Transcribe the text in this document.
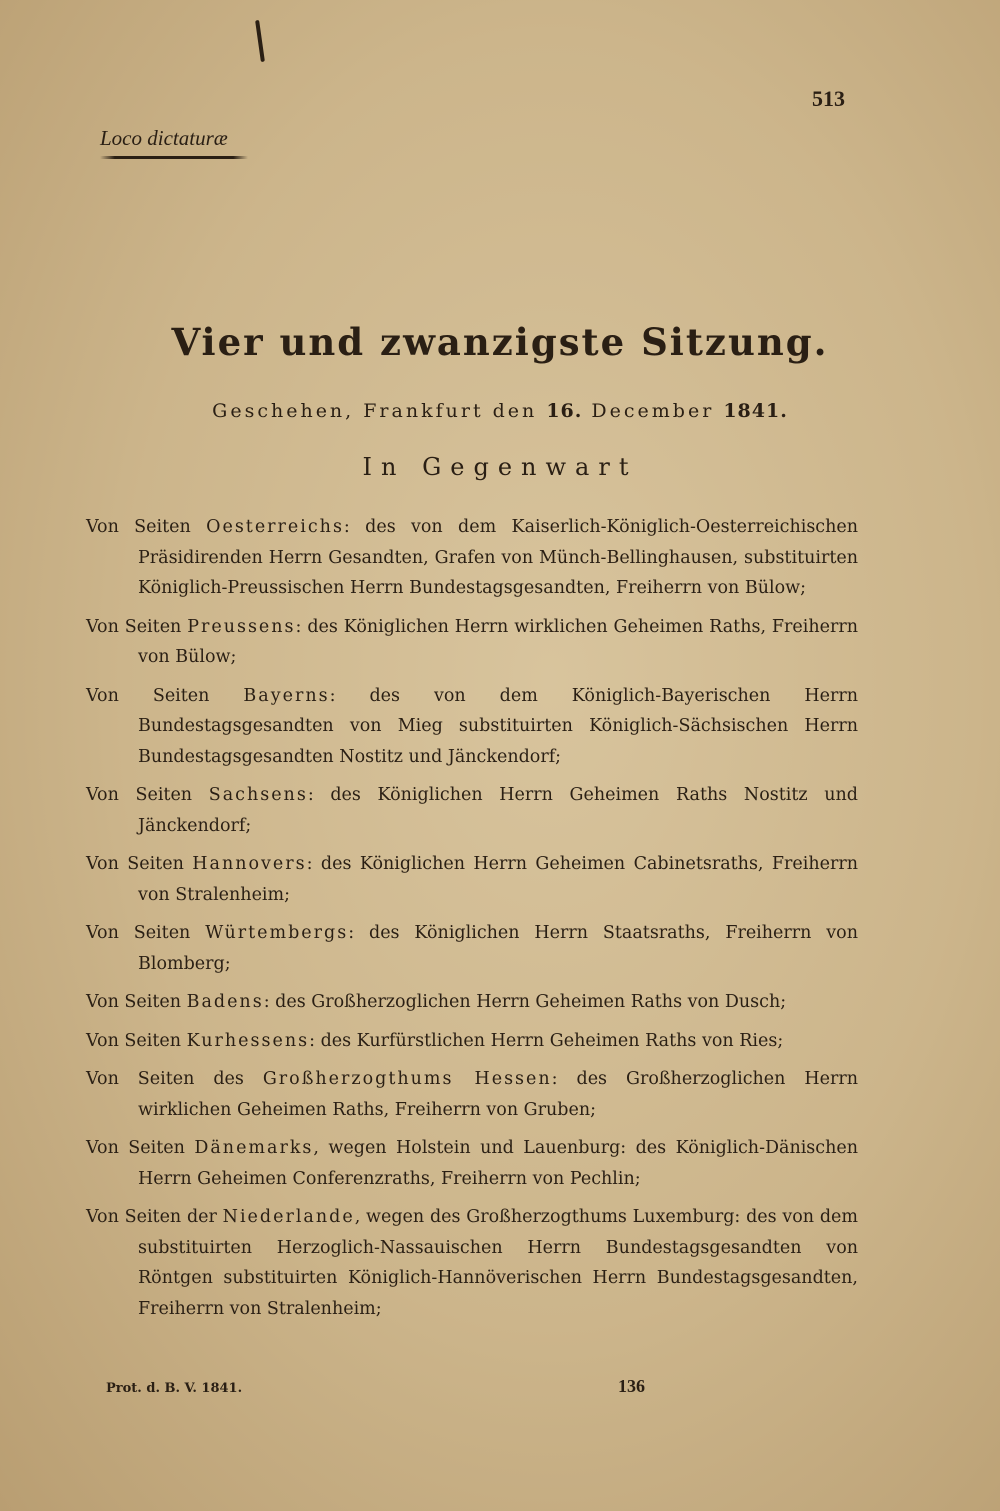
513
Loco dictaturæ
Vier und zwanzigste Sitzung.
Geschehen, Frankfurt den 16. December 1841.
In Gegenwart
Von Seiten Oesterreichs: des von dem Kaiserlich-Königlich-Oesterreichischen Präsidirenden Herrn Gesandten, Grafen von Münch-Bellinghausen, substituirten Königlich-Preussischen Herrn Bundestagsgesandten, Freiherrn von Bülow;
Von Seiten Preussens: des Königlichen Herrn wirklichen Geheimen Raths, Freiherrn von Bülow;
Von Seiten Bayerns: des von dem Königlich-Bayerischen Herrn Bundestagsgesandten von Mieg substituirten Königlich-Sächsischen Herrn Bundestagsgesandten Nostitz und Jänckendorf;
Von Seiten Sachsens: des Königlichen Herrn Geheimen Raths Nostitz und Jänckendorf;
Von Seiten Hannovers: des Königlichen Herrn Geheimen Cabinetsraths, Freiherrn von Stralenheim;
Von Seiten Würtembergs: des Königlichen Herrn Staatsraths, Freiherrn von Blomberg;
Von Seiten Badens: des Großherzoglichen Herrn Geheimen Raths von Dusch;
Von Seiten Kurhessens: des Kurfürstlichen Herrn Geheimen Raths von Ries;
Von Seiten des Großherzogthums Hessen: des Großherzoglichen Herrn wirklichen Geheimen Raths, Freiherrn von Gruben;
Von Seiten Dänemarks, wegen Holstein und Lauenburg: des Königlich-Dänischen Herrn Geheimen Conferenzraths, Freiherrn von Pechlin;
Von Seiten der Niederlande, wegen des Großherzogthums Luxemburg: des von dem substituirten Herzoglich-Nassauischen Herrn Bundestagsgesandten von Röntgen substituirten Königlich-Hannöverischen Herrn Bundestagsgesandten, Freiherrn von Stralenheim;
Prot. d. B. V. 1841.	136
